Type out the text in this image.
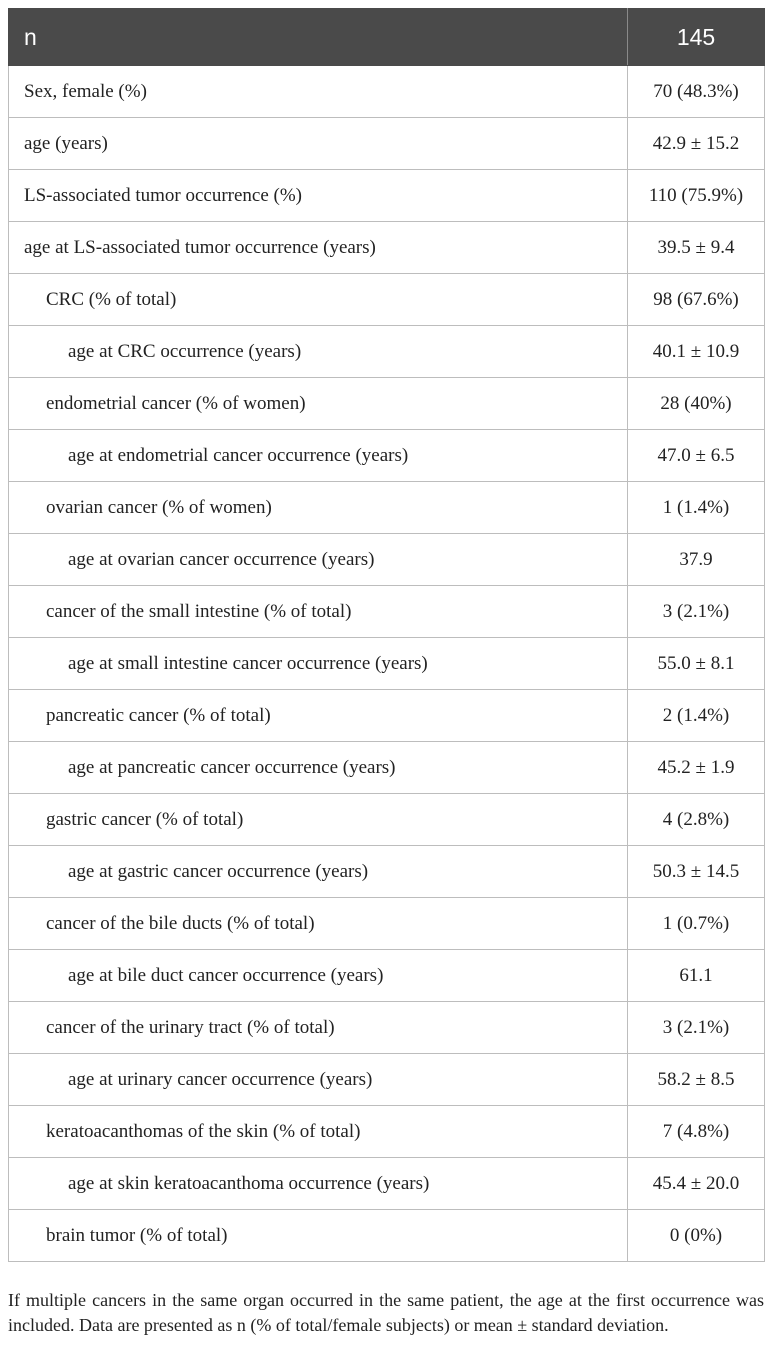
n	145
Sex, female (%)	70 (48.3%)
age (years)	42.9 ± 15.2
LS-associated tumor occurrence (%)	110 (75.9%)
age at LS-associated tumor occurrence (years)	39.5 ± 9.4
CRC (% of total)	98 (67.6%)
age at CRC occurrence (years)	40.1 ± 10.9
endometrial cancer (% of women)	28 (40%)
age at endometrial cancer occurrence (years)	47.0 ± 6.5
ovarian cancer (% of women)	1 (1.4%)
age at ovarian cancer occurrence (years)	37.9
cancer of the small intestine (% of total)	3 (2.1%)
age at small intestine cancer occurrence (years)	55.0 ± 8.1
pancreatic cancer (% of total)	2 (1.4%)
age at pancreatic cancer occurrence (years)	45.2 ± 1.9
gastric cancer (% of total)	4 (2.8%)
age at gastric cancer occurrence (years)	50.3 ± 14.5
cancer of the bile ducts (% of total)	1 (0.7%)
age at bile duct cancer occurrence (years)	61.1
cancer of the urinary tract (% of total)	3 (2.1%)
age at urinary cancer occurrence (years)	58.2 ± 8.5
keratoacanthomas of the skin (% of total)	7 (4.8%)
age at skin keratoacanthoma occurrence (years)	45.4 ± 20.0
brain tumor (% of total)	0 (0%)

If multiple cancers in the same organ occurred in the same patient, the age at the first occurrence was included. Data are presented as n (% of total/female subjects) or mean ± standard deviation.
